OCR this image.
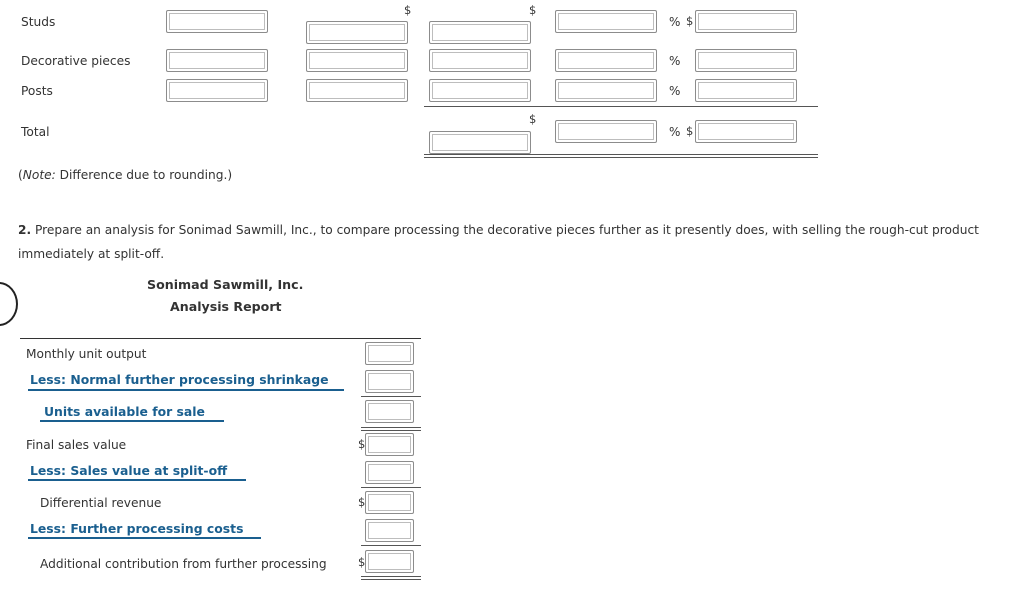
Studs
Decorative pieces
Posts
Total
$	$
$
%
%
%
%
$
$
(Note: Difference due to rounding.)
2. Prepare an analysis for Sonimad Sawmill, Inc., to compare processing the decorative pieces further as it presently does, with selling the rough-cut product
immediately at split-off.
Sonimad Sawmill, Inc.
Analysis Report
Monthly unit output
Less: Normal further processing shrinkage
Units available for sale
Final sales value
Less: Sales value at split-off
Differential revenue
Less: Further processing costs
Additional contribution from further processing
$
$
$
